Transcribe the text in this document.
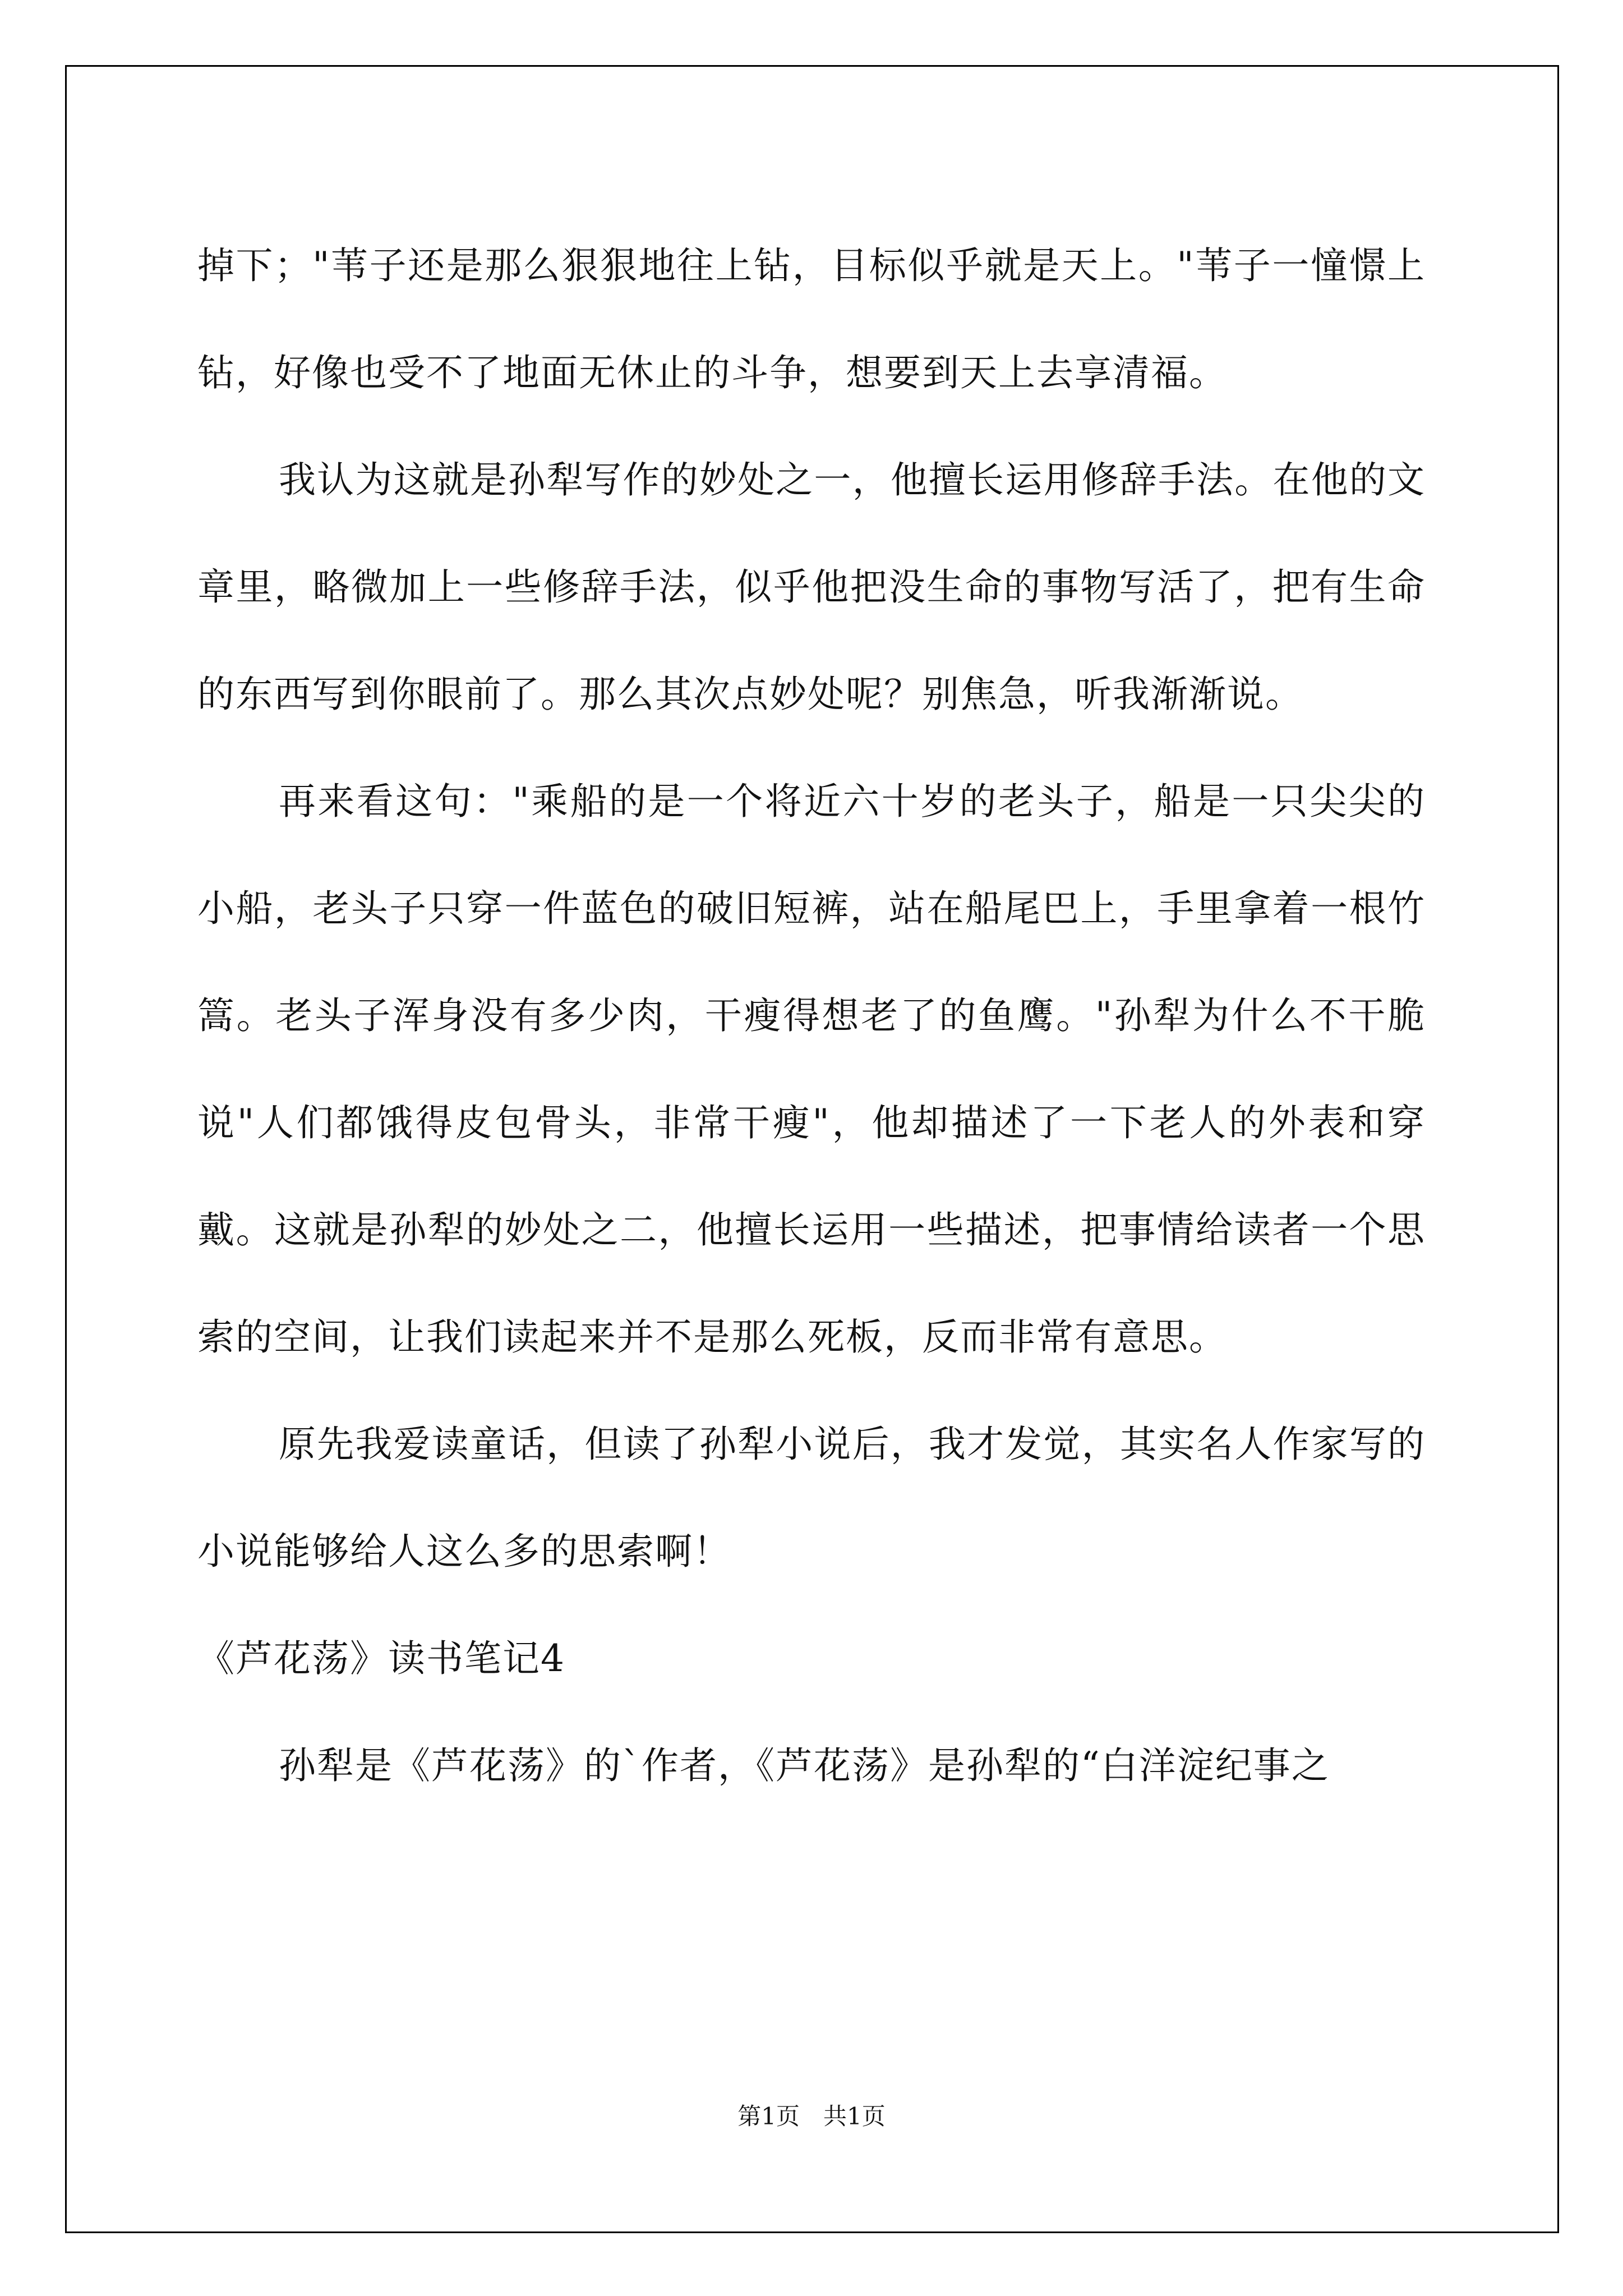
掉下；"苇子还是那么狠狠地往上钻，目标似乎就是天上。"苇子一憧憬上钻，好像也受不了地面无休止的斗争，想要到天上去享清福。

我认为这就是孙犁写作的妙处之一，他擅长运用修辞手法。在他的文章里，略微加上一些修辞手法，似乎他把没生命的事物写活了，把有生命的东西写到你眼前了。那么其次点妙处呢？别焦急，听我渐渐说。

再来看这句："乘船的是一个将近六十岁的老头子，船是一只尖尖的小船，老头子只穿一件蓝色的破旧短裤，站在船尾巴上，手里拿着一根竹篙。老头子浑身没有多少肉，干瘦得想老了的鱼鹰。"孙犁为什么不干脆说"人们都饿得皮包骨头，非常干瘦"，他却描述了一下老人的外表和穿戴。这就是孙犁的妙处之二，他擅长运用一些描述，把事情给读者一个思索的空间，让我们读起来并不是那么死板，反而非常有意思。

原先我爱读童话，但读了孙犁小说后，我才发觉，其实名人作家写的小说能够给人这么多的思索啊！

《芦花荡》读书笔记4

孙犁是《芦花荡》的`作者，《芦花荡》是孙犁的“白洋淀纪事之

第1页　共1页
